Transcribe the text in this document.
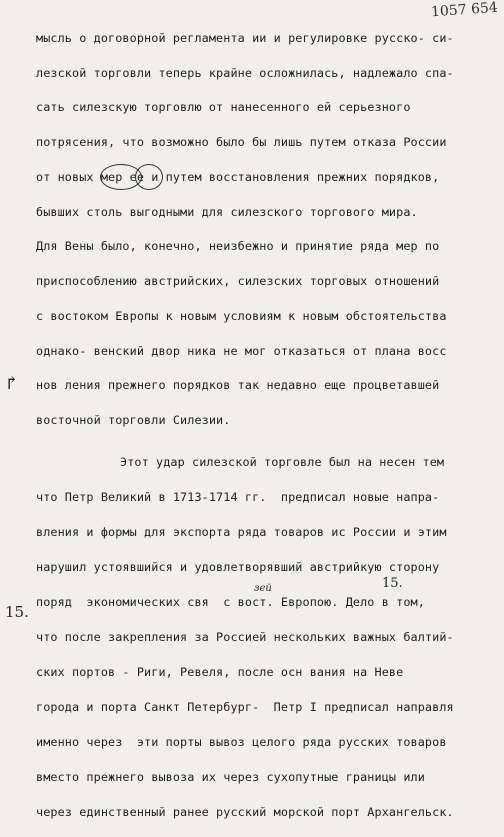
1057 654
мысль о договорной регламента ии и регулировке русско- си-
лезской торговли теперь крайне осложнилась, надлежало спа-
сать силезскую торговлю от нанесенного ей серьезного
потрясения, что возможно было бы лишь путем отказа России
от новых мер ее и путем восстановления прежних порядков,
бывших столь выгодными для силезского торгового мира.
Для Вены было, конечно, неизбежно и принятие ряда мер по
приспособлению австрийских, силезских торговых отношений
с востоком Европы к новым условиям к новым обстоятельства
однако- венский двор ника не мог отказаться от плана восс
нов ления прежнего порядков так недавно еще процветавшей
восточной торговли Силезии.
Этот удар силезской торговле был на несен тем
что Петр Великий в 1713-1714 гг.  предписал новые напра-
вления и формы для экспорта ряда товаров ис России и этим
нарушил устоявшийся и удовлетворявший австрийкую сторону
поряд  экономических свя  с вост. Европою. Дело в том,
что после закрепления за Россией нескольких важных балтий-
ских портов - Риги, Ревеля, после осн вания на Неве
города и порта Санкт Петербург-  Петр I предписал направля
именно через  эти порты вывоз целого ряда русских товаров
вместо прежнего вывоза их через сухопутные границы или
через единственный ранее русский морской порт Архангельск.
↱
15.
15.
зей
